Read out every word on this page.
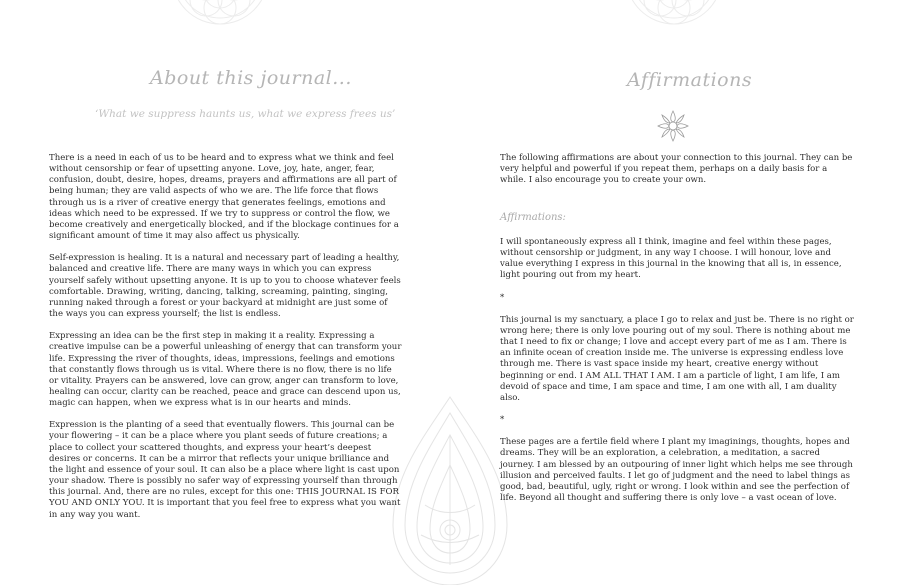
About this journal...
‘What we suppress haunts us, what we express frees us’

There is a need in each of us to be heard and to express what we think and feel without censorship or fear of upsetting anyone. Love, joy, hate, anger, fear, confusion, doubt, desire, hopes, dreams, prayers and affirmations are all part of being human; they are valid aspects of who we are. The life force that flows through us is a river of creative energy that generates feelings, emotions and ideas which need to be expressed. If we try to suppress or control the flow, we become creatively and energetically blocked, and if the blockage continues for a significant amount of time it may also affect us physically.

Self-expression is healing. It is a natural and necessary part of leading a healthy, balanced and creative life. There are many ways in which you can express yourself safely without upsetting anyone. It is up to you to choose whatever feels comfortable. Drawing, writing, dancing, talking, screaming, painting, singing, running naked through a forest or your backyard at midnight are just some of the ways you can express yourself; the list is endless.

Expressing an idea can be the first step in making it a reality. Expressing a creative impulse can be a powerful unleashing of energy that can transform your life. Expressing the river of thoughts, ideas, impressions, feelings and emotions that constantly flows through us is vital. Where there is no flow, there is no life or vitality. Prayers can be answered, love can grow, anger can transform to love, healing can occur, clarity can be reached, peace and grace can descend upon us, magic can happen, when we express what is in our hearts and minds.

Expression is the planting of a seed that eventually flowers. This journal can be your flowering – it can be a place where you plant seeds of future creations; a place to collect your scattered thoughts, and express your heart’s deepest desires or concerns. It can be a mirror that reflects your unique brilliance and the light and essence of your soul. It can also be a place where light is cast upon your shadow. There is possibly no safer way of expressing yourself than through this journal. And, there are no rules, except for this one: THIS JOURNAL IS FOR YOU AND ONLY YOU. It is important that you feel free to express what you want in any way you want.

Affirmations

The following affirmations are about your connection to this journal. They can be very helpful and powerful if you repeat them, perhaps on a daily basis for a while. I also encourage you to create your own.

Affirmations:

I will spontaneously express all I think, imagine and feel within these pages, without censorship or judgment, in any way I choose. I will honour, love and value everything I express in this journal in the knowing that all is, in essence, light pouring out from my heart.

*

This journal is my sanctuary, a place I go to relax and just be. There is no right or wrong here; there is only love pouring out of my soul. There is nothing about me that I need to fix or change; I love and accept every part of me as I am. There is an infinite ocean of creation inside me. The universe is expressing endless love through me. There is vast space inside my heart, creative energy without beginning or end. I AM ALL THAT I AM. I am a particle of light, I am life, I am devoid of space and time, I am space and time, I am one with all, I am duality also.

*

These pages are a fertile field where I plant my imaginings, thoughts, hopes and dreams. They will be an exploration, a celebration, a meditation, a sacred journey. I am blessed by an outpouring of inner light which helps me see through illusion and perceived faults. I let go of judgment and the need to label things as good, bad, beautiful, ugly, right or wrong. I look within and see the perfection of life. Beyond all thought and suffering there is only love – a vast ocean of love.
